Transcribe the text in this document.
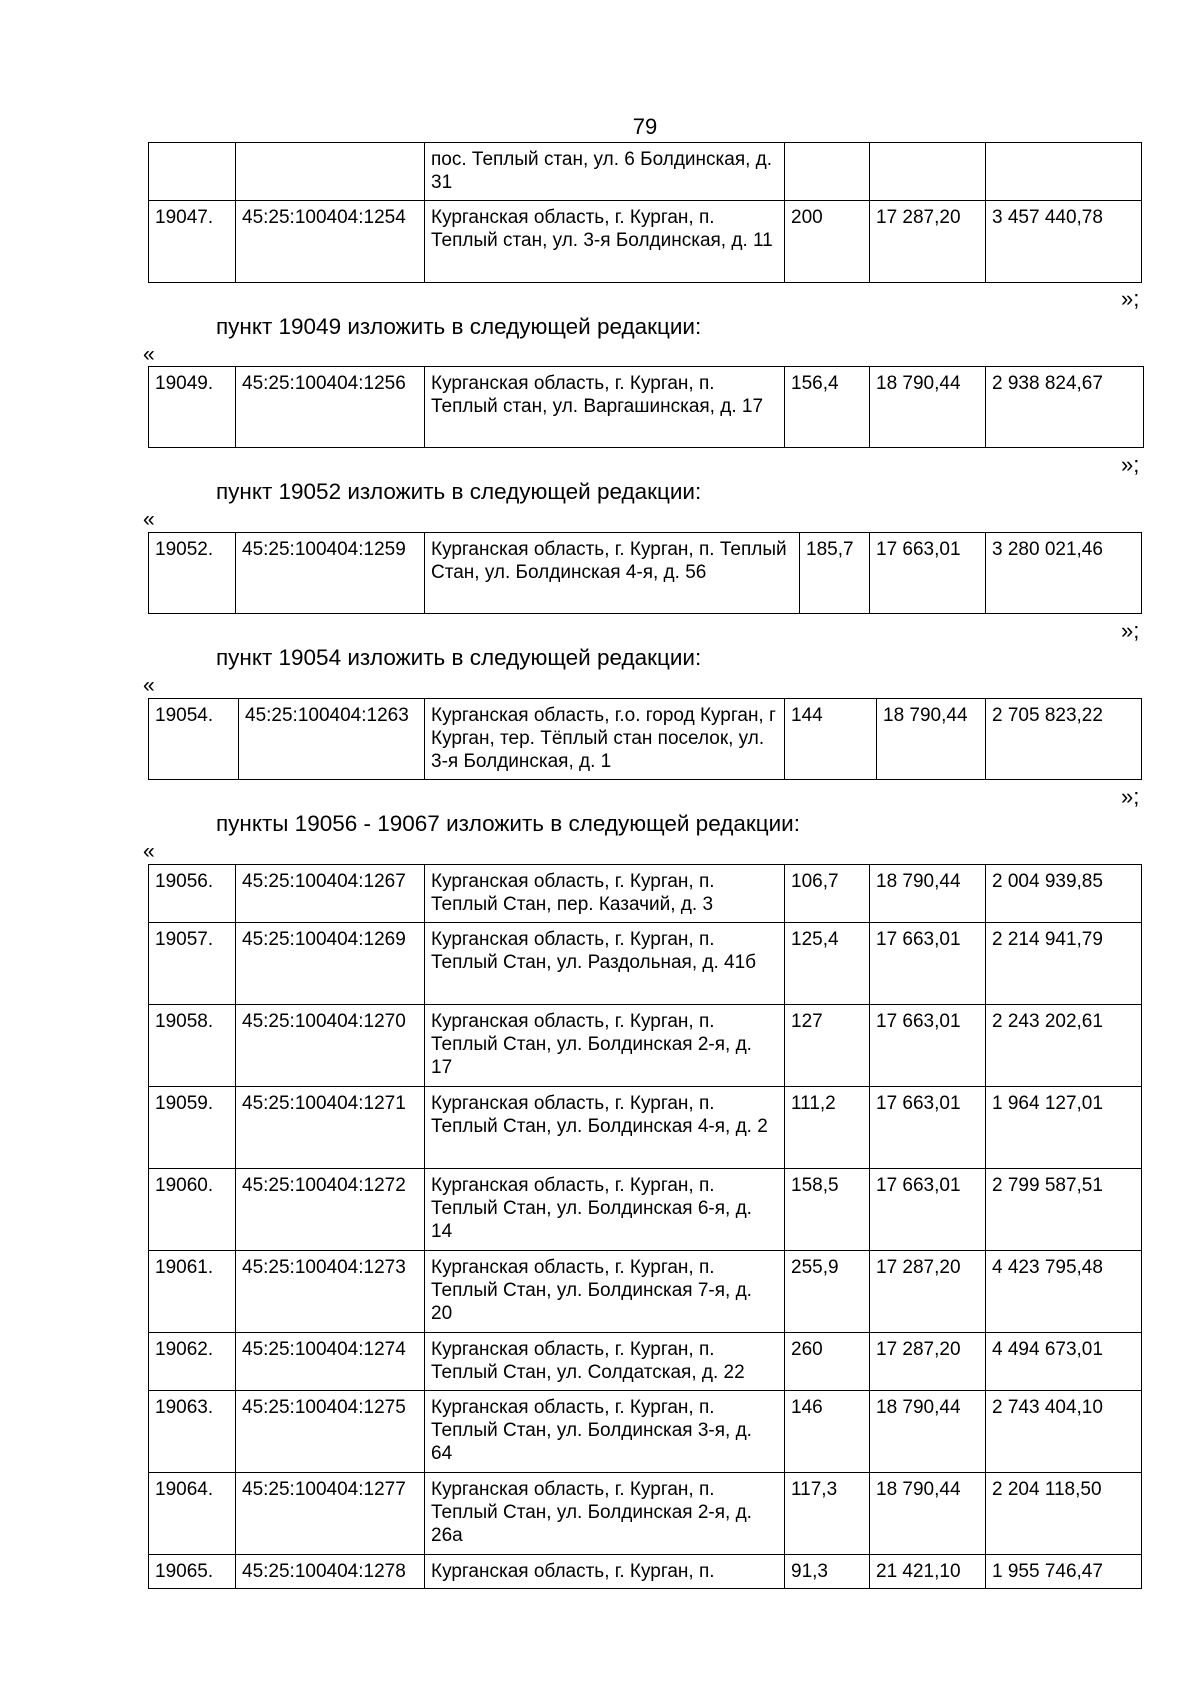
79
		пос. Теплый стан, ул. 6 Болдинская, д. 31			
19047.	45:25:100404:1254	Курганская область, г. Курган, п. Теплый стан, ул. 3-я Болдинская, д. 11	200	17 287,20	3 457 440,78
»;
пункт 19049 изложить в следующей редакции:
«
19049.	45:25:100404:1256	Курганская область, г. Курган, п. Теплый стан, ул. Варгашинская, д. 17	156,4	18 790,44	2 938 824,67
»;
пункт 19052 изложить в следующей редакции:
«
19052.	45:25:100404:1259	Курганская область, г. Курган, п. Теплый Стан, ул. Болдинская 4-я, д. 56	185,7	17 663,01	3 280 021,46
»;
пункт 19054 изложить в следующей редакции:
«
19054.	45:25:100404:1263	Курганская область, г.о. город Курган, г Курган, тер. Тёплый стан поселок, ул. 3-я Болдинская, д. 1	144	18 790,44	2 705 823,22
»;
пункты 19056 - 19067 изложить в следующей редакции:
«
19056.	45:25:100404:1267	Курганская область, г. Курган, п. Теплый Стан, пер. Казачий, д. 3	106,7	18 790,44	2 004 939,85
19057.	45:25:100404:1269	Курганская область, г. Курган, п. Теплый Стан, ул. Раздольная, д. 41б	125,4	17 663,01	2 214 941,79
19058.	45:25:100404:1270	Курганская область, г. Курган, п. Теплый Стан, ул. Болдинская 2-я, д. 17	127	17 663,01	2 243 202,61
19059.	45:25:100404:1271	Курганская область, г. Курган, п. Теплый Стан, ул. Болдинская 4-я, д. 2	111,2	17 663,01	1 964 127,01
19060.	45:25:100404:1272	Курганская область, г. Курган, п. Теплый Стан, ул. Болдинская 6-я, д. 14	158,5	17 663,01	2 799 587,51
19061.	45:25:100404:1273	Курганская область, г. Курган, п. Теплый Стан, ул. Болдинская 7-я, д. 20	255,9	17 287,20	4 423 795,48
19062.	45:25:100404:1274	Курганская область, г. Курган, п. Теплый Стан, ул. Солдатская, д. 22	260	17 287,20	4 494 673,01
19063.	45:25:100404:1275	Курганская область, г. Курган, п. Теплый Стан, ул. Болдинская 3-я, д. 64	146	18 790,44	2 743 404,10
19064.	45:25:100404:1277	Курганская область, г. Курган, п. Теплый Стан, ул. Болдинская 2-я, д. 26а	117,3	18 790,44	2 204 118,50
19065.	45:25:100404:1278	Курганская область, г. Курган, п.	91,3	21 421,10	1 955 746,47
